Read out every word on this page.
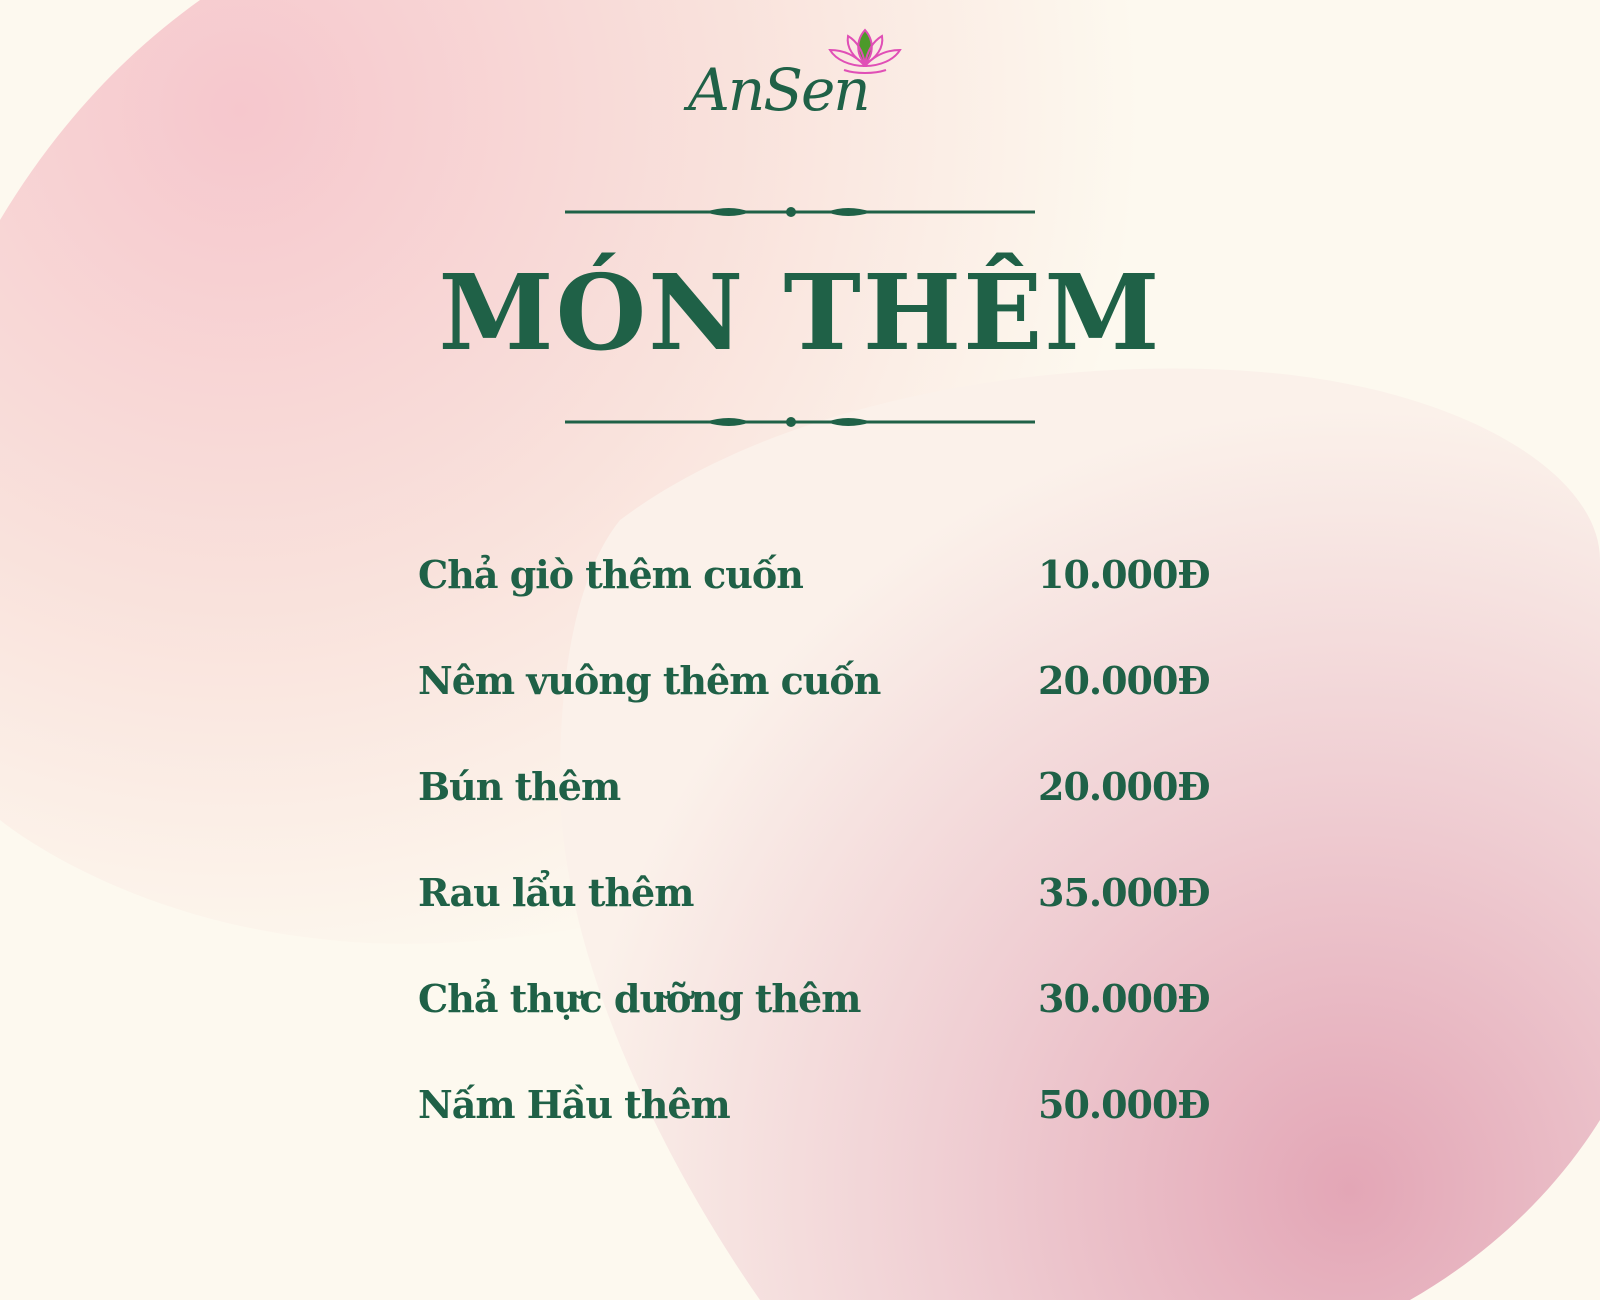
AnSen
MÓN THÊM
Chả giò thêm cuốn	10.000Đ
Nêm vuông thêm cuốn	20.000Đ
Bún thêm	20.000Đ
Rau lẩu thêm	35.000Đ
Chả thực dưỡng thêm	30.000Đ
Nấm Hầu thêm	50.000Đ
